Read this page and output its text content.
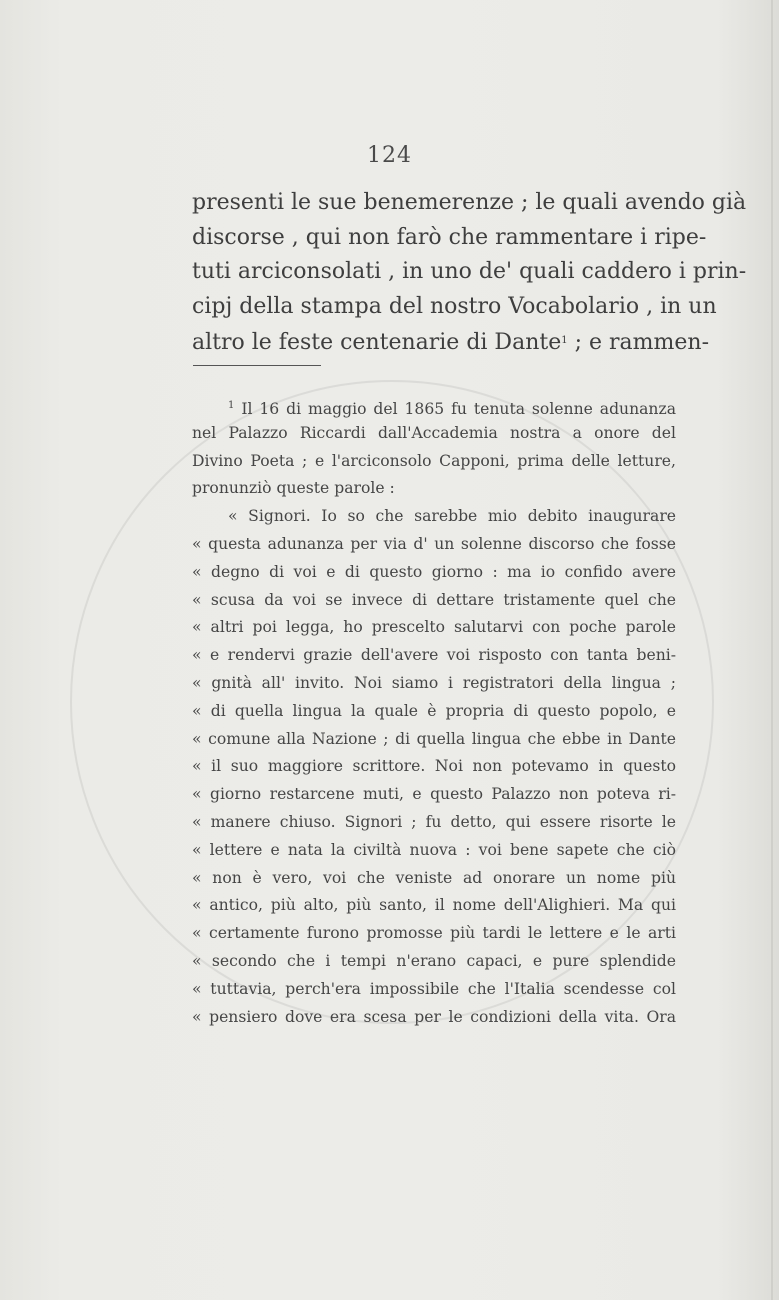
124
presenti le sue benemerenze ; le quali avendo già
discorse , qui non farò che rammentare i ripe-
tuti arciconsolati , in uno de' quali caddero i prin-
cipj della stampa del nostro Vocabolario , in un
altro le feste centenarie di Dante$^1$ ; e rammen-
$^1$ Il 16 di maggio del 1865 fu tenuta solenne adunanza
nel Palazzo Riccardi dall'Accademia nostra a onore del
Divino Poeta ; e l'arciconsolo Capponi, prima delle letture,
pronunziò queste parole :
« Signori. Io so che sarebbe mio debito inaugurare
« questa adunanza per via d' un solenne discorso che fosse
« degno di voi e di questo giorno : ma io confido avere
« scusa da voi se invece di dettare tristamente quel che
« altri poi legga, ho prescelto salutarvi con poche parole
« e rendervi grazie dell'avere voi risposto con tanta beni-
« gnità all' invito. Noi siamo i registratori della lingua ;
« di quella lingua la quale è propria di questo popolo, e
« comune alla Nazione ; di quella lingua che ebbe in Dante
« il suo maggiore scrittore. Noi non potevamo in questo
« giorno restarcene muti, e questo Palazzo non poteva ri-
« manere chiuso. Signori ; fu detto, qui essere risorte le
« lettere e nata la civiltà nuova : voi bene sapete che ciò
« non è vero, voi che veniste ad onorare un nome più
« antico, più alto, più santo, il nome dell'Alighieri. Ma qui
« certamente furono promosse più tardi le lettere e le arti
« secondo che i tempi n'erano capaci, e pure splendide
« tuttavia, perch'era impossibile che l'Italia scendesse col
« pensiero dove era scesa per le condizioni della vita. Ora
